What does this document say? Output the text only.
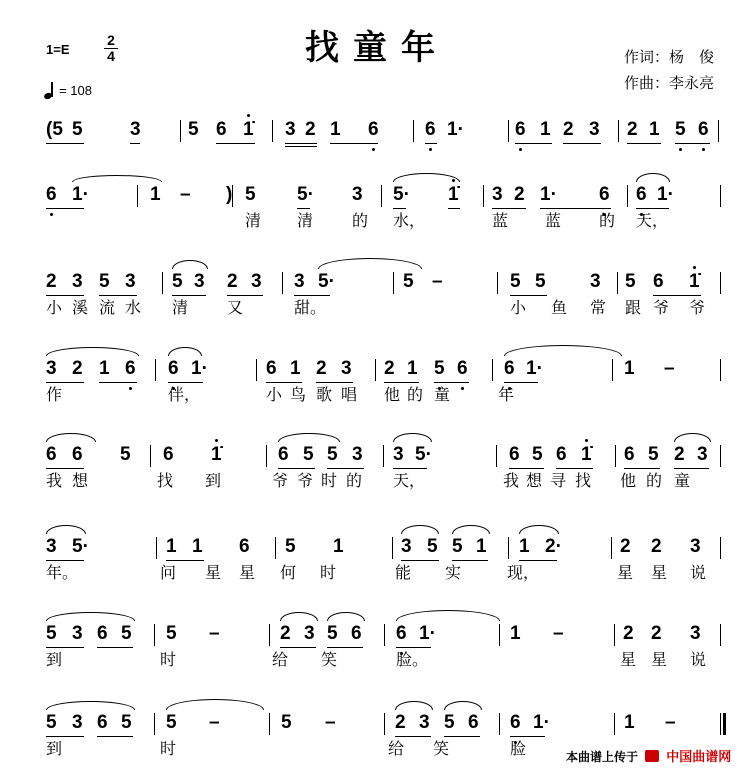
找童年
1=E
2
4
= 108
作词：杨　俊
作曲：李永亮
(5 5 3 5 6 1̇ 3 2 1 6 6 1·	6 1 2 3 2 1 5 6
6 1·	1 – ) 5 5· 3 5· 1̇ 3 2 1· 6 6 1·
清 清 的 水，	蓝 蓝 的 天，
2 3 5 3 5 3 2 3 3 5·	5 –	5 5 3 5 6 1̇
小 溪 流 水 清 又	甜。	小 鱼 常 跟 爷 爷
3 2 1 6 6 1·	6 1 2 3 2 1 5 6 6 1·	1 –
作	伴，	小 鸟 歌 唱 他 的 童	年
6 6 5 6 1̇	6 5 5 3 3 5·	6 5 6 1̇ 6 5 2 3
我 想	找 到	爷 爷 时 的 天，	我 想 寻 找 他 的 童
3 5·	1 1 6 5 1	3 5 5 1 1 2·	2 2 3
年。	问 星 星 何 时	能 实	现，	星 星 说
5 3 6 5 5 –	2 3 5 6 6 1·	1 –	2 2 3
到	时	给 笑	脸。	星 星 说
5 3 6 5 5 –	5 –	2 3 5 6 6 1·	1 –
到	时	给 笑	脸	本曲谱上传于 中国曲谱网
